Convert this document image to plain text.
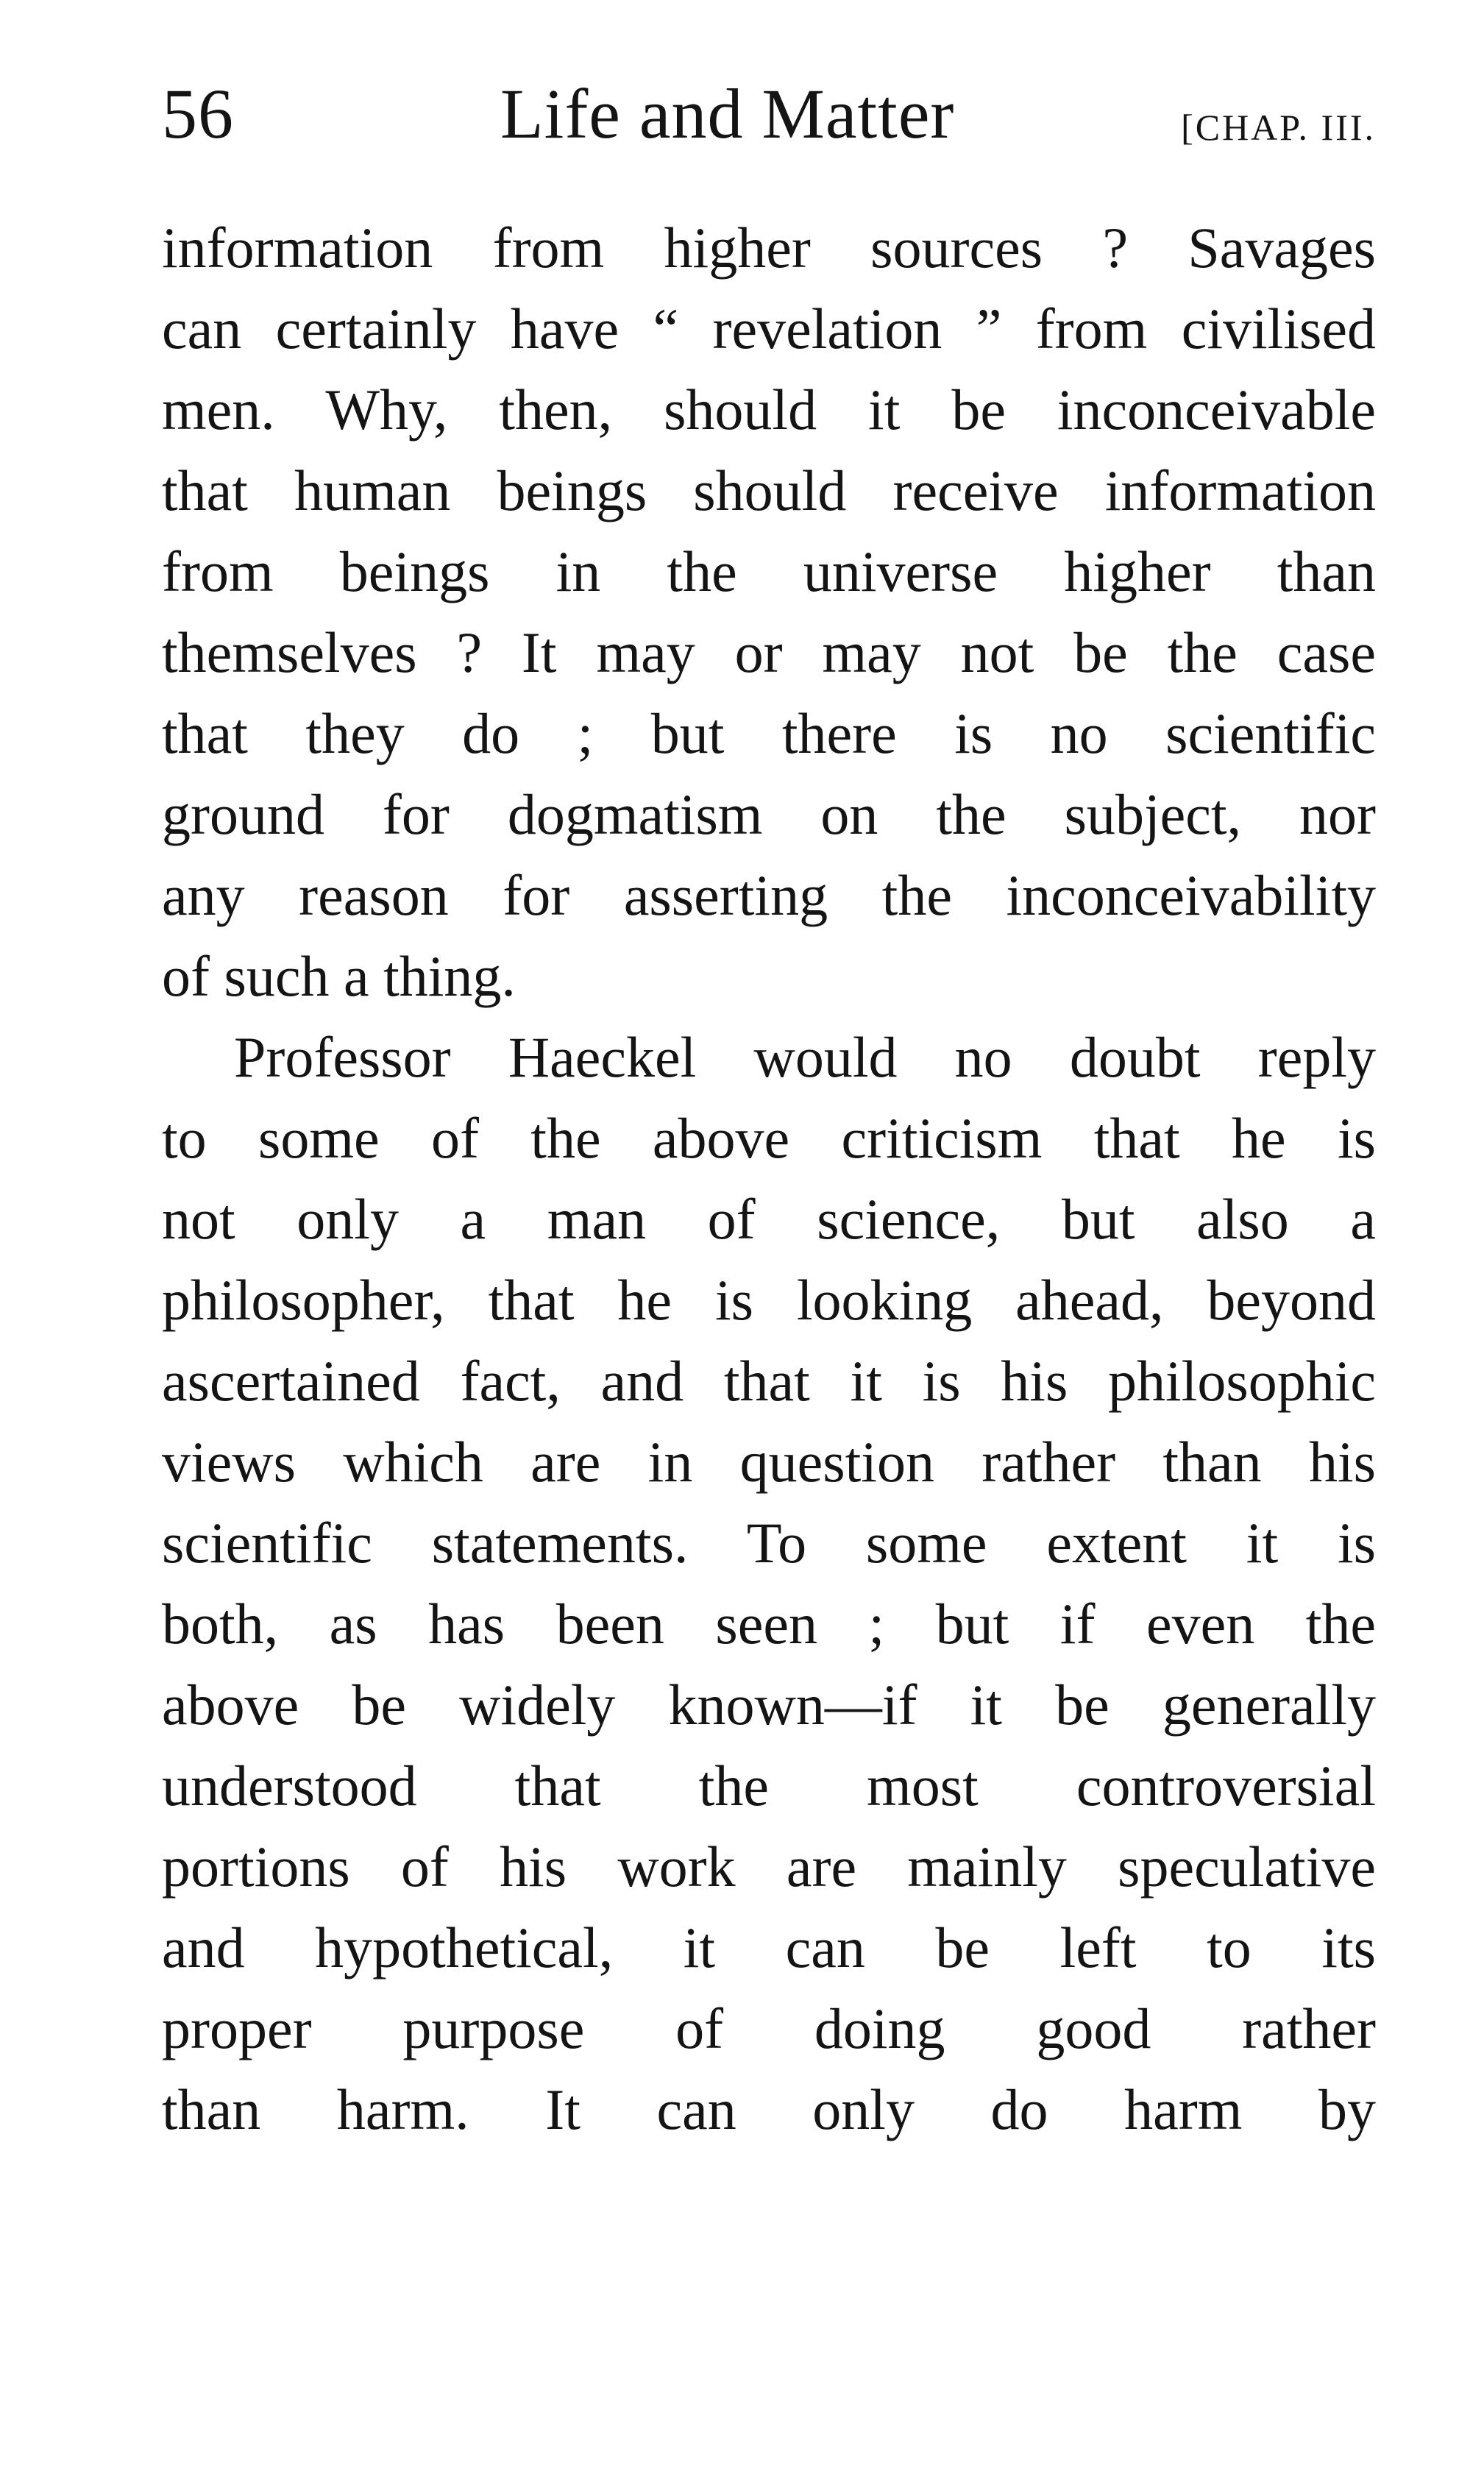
56	Life and Matter	[CHAP. III.
information from higher sources ? Savages
can certainly have “ revelation ” from civilised
men. Why, then, should it be inconceivable
that human beings should receive information
from beings in the universe higher than
themselves ? It may or may not be the case
that they do ; but there is no scientific
ground for dogmatism on the subject, nor
any reason for asserting the inconceivability
of such a thing.
Professor Haeckel would no doubt reply
to some of the above criticism that he is
not only a man of science, but also a
philosopher, that he is looking ahead, beyond
ascertained fact, and that it is his philosophic
views which are in question rather than his
scientific statements. To some extent it is
both, as has been seen ; but if even the
above be widely known—if it be generally
understood that the most controversial
portions of his work are mainly speculative
and hypothetical, it can be left to its
proper purpose of doing good rather
than harm. It can only do harm by
